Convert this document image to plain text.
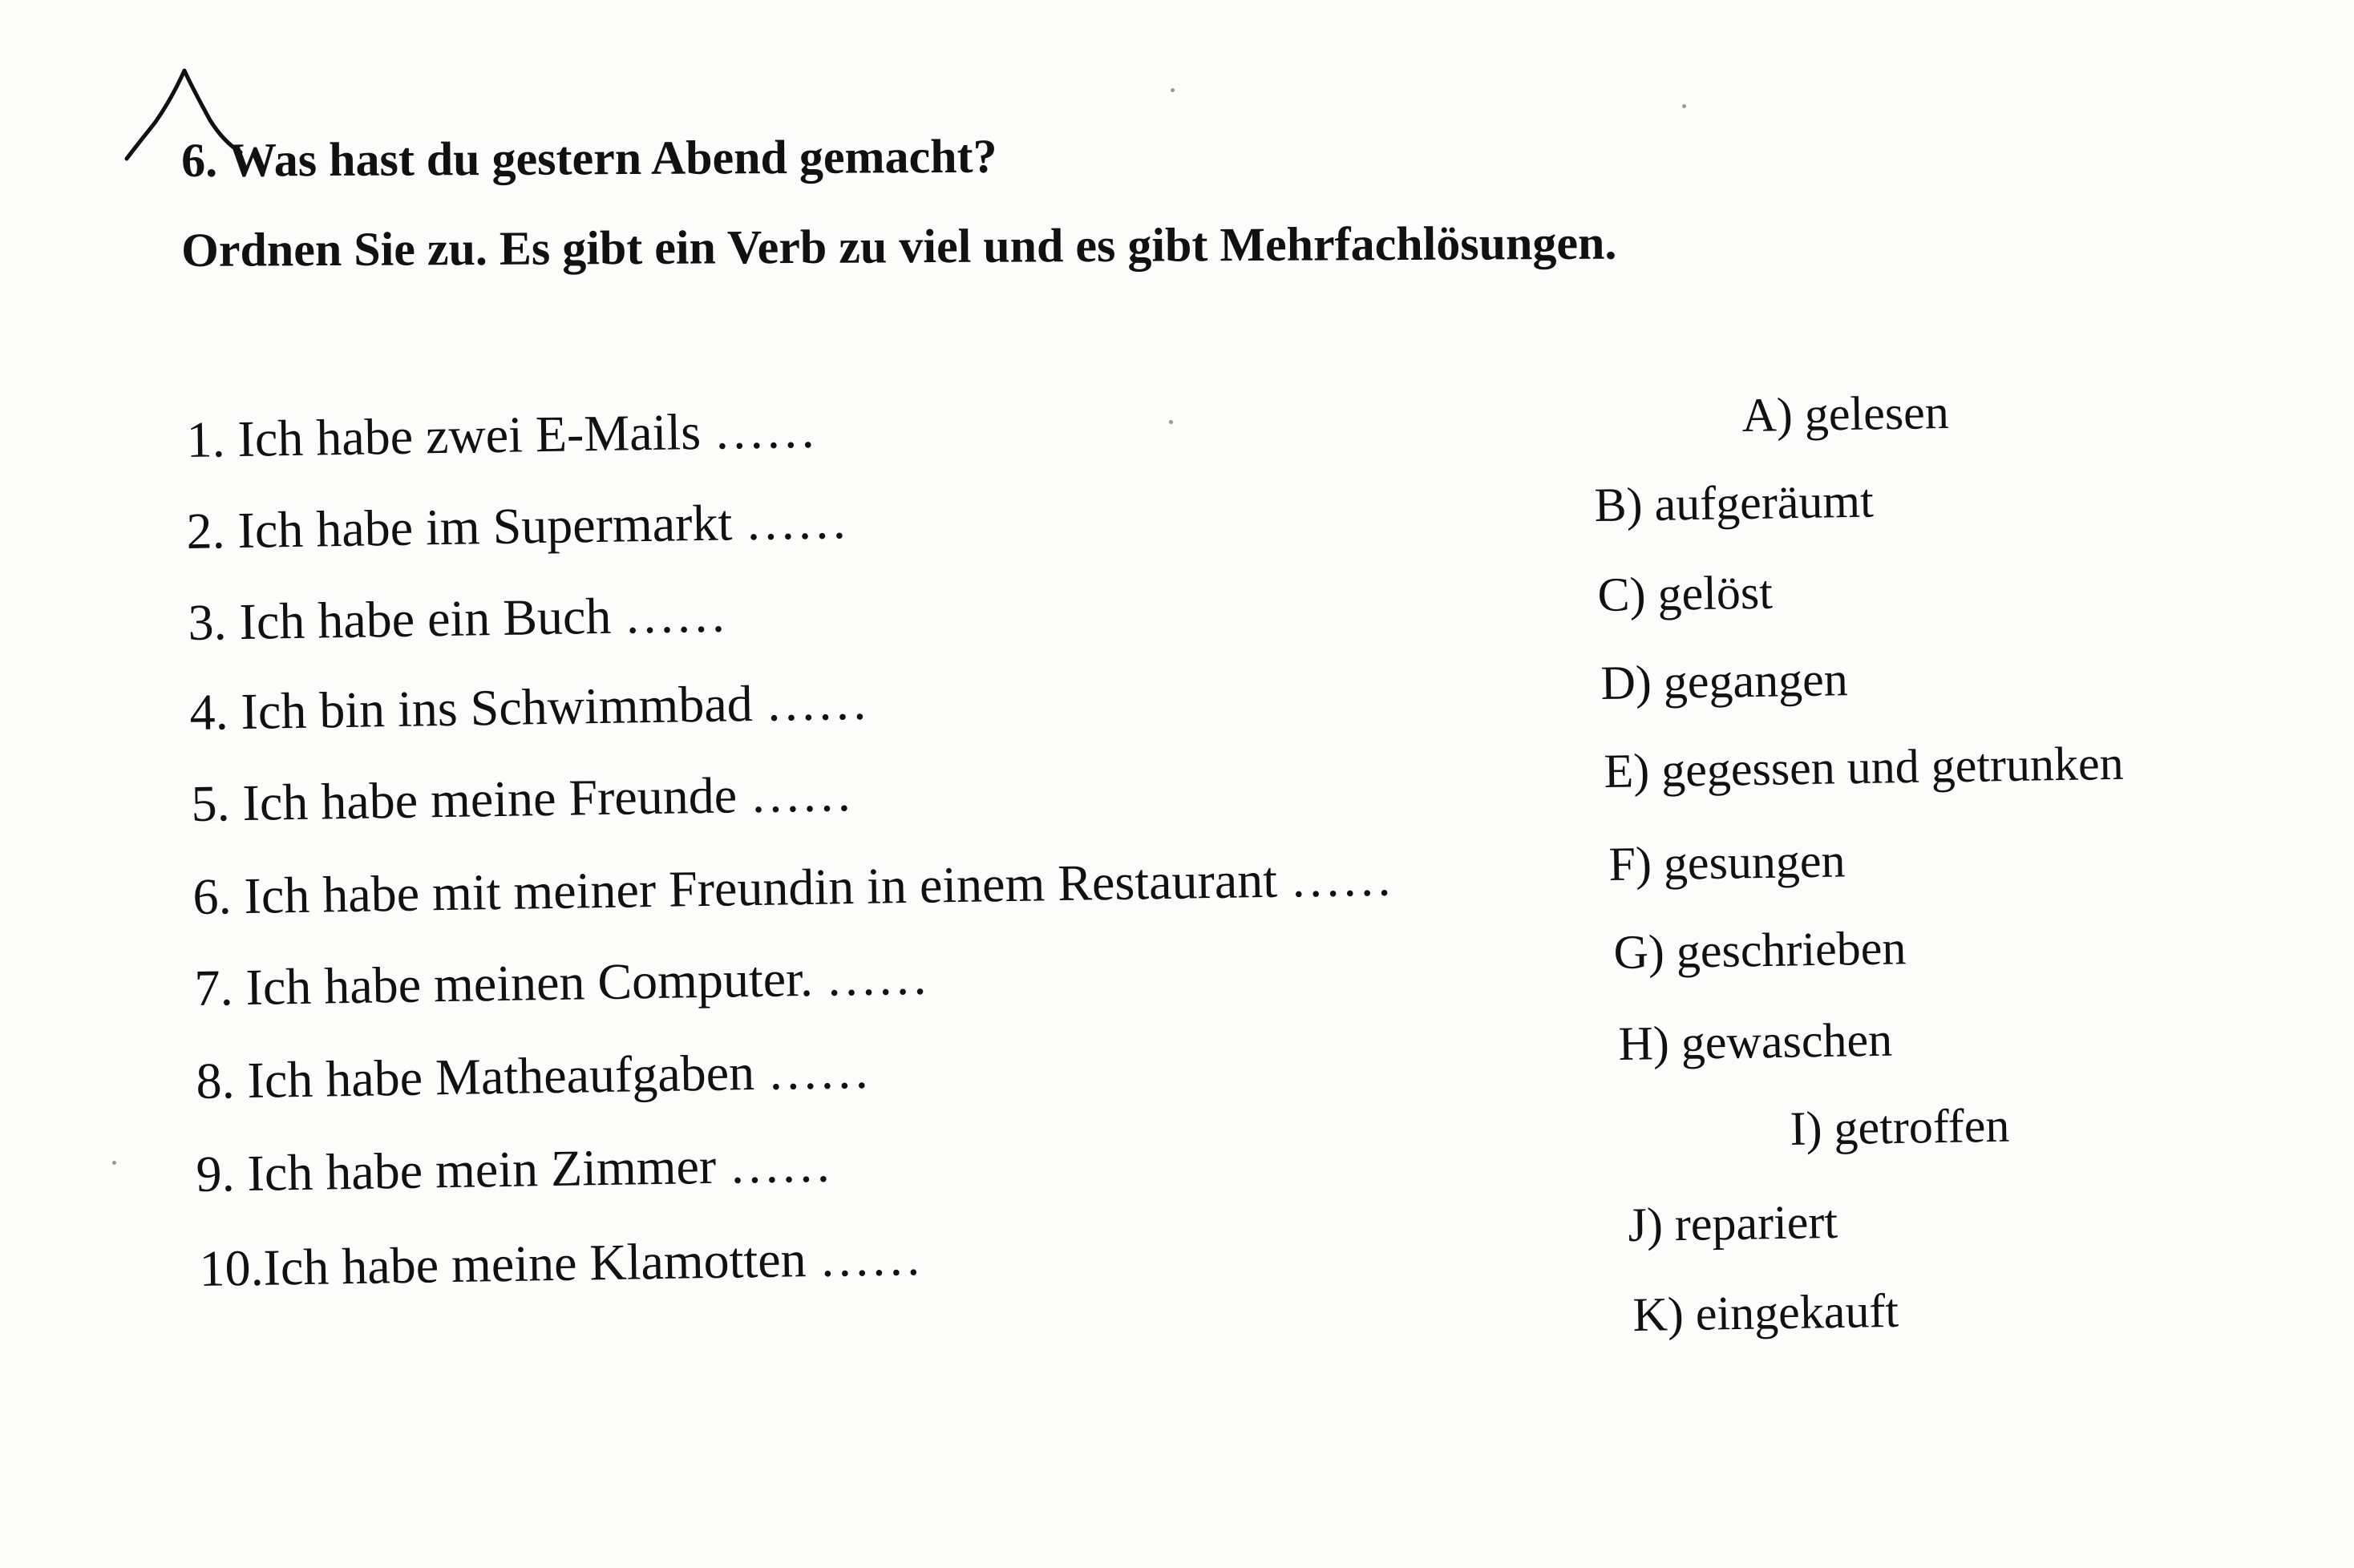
6. Was hast du gestern Abend gemacht?
Ordnen Sie zu. Es gibt ein Verb zu viel und es gibt Mehrfachlösungen.
1. Ich habe zwei E-Mails ……
2. Ich habe im Supermarkt ……
3. Ich habe ein Buch ……
4. Ich bin ins Schwimmbad ……
5. Ich habe meine Freunde ……
6. Ich habe mit meiner Freundin in einem Restaurant ……
7. Ich habe meinen Computer. ……
8. Ich habe Matheaufgaben ……
9. Ich habe mein Zimmer ……
10.Ich habe meine Klamotten ……
A) gelesen
B) aufgeräumt
C) gelöst
D) gegangen
E) gegessen und getrunken
F) gesungen
G) geschrieben
H) gewaschen
I) getroffen
J) repariert
K) eingekauft
